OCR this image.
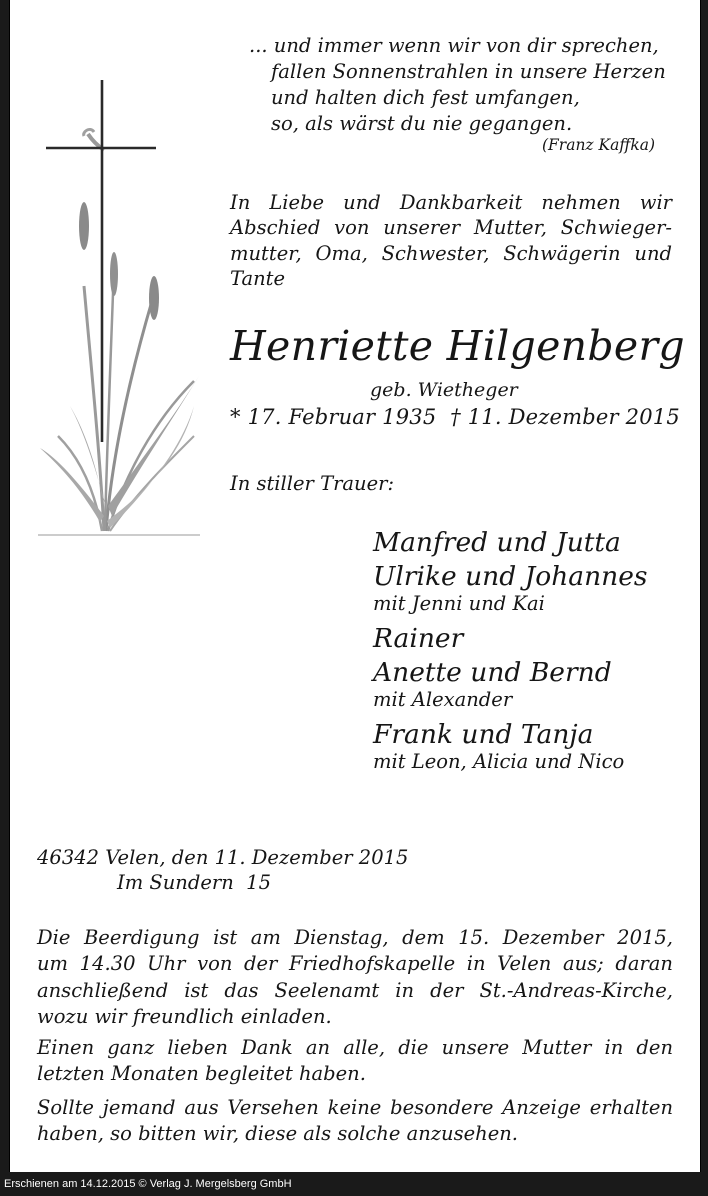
... und immer wenn wir von dir sprechen,
fallen Sonnenstrahlen in unsere Herzen
und halten dich fest umfangen,
so, als wärst du nie gegangen.
(Franz Kaffka)
In Liebe und Dankbarkeit nehmen wir
Abschied von unserer Mutter, Schwieger-
mutter, Oma, Schwester, Schwägerin und
Tante
Henriette Hilgenberg
geb. Wietheger
* 17. Februar 1935  † 11. Dezember 2015
In stiller Trauer:
Manfred und Jutta
Ulrike und Johannes
mit Jenni und Kai
Rainer
Anette und Bernd
mit Alexander
Frank und Tanja
mit Leon, Alicia und Nico
46342 Velen, den 11. Dezember 2015
Im Sundern  15
Die Beerdigung ist am Dienstag, dem 15. Dezember 2015,
um 14.30 Uhr von der Friedhofskapelle in Velen aus; daran
anschließend ist das Seelenamt in der St.-Andreas-Kirche,
wozu wir freundlich einladen.
Einen ganz lieben Dank an alle, die unsere Mutter in den
letzten Monaten begleitet haben.
Sollte jemand aus Versehen keine besondere Anzeige erhalten
haben, so bitten wir, diese als solche anzusehen.
Erschienen am 14.12.2015 © Verlag J. Mergelsberg GmbH
